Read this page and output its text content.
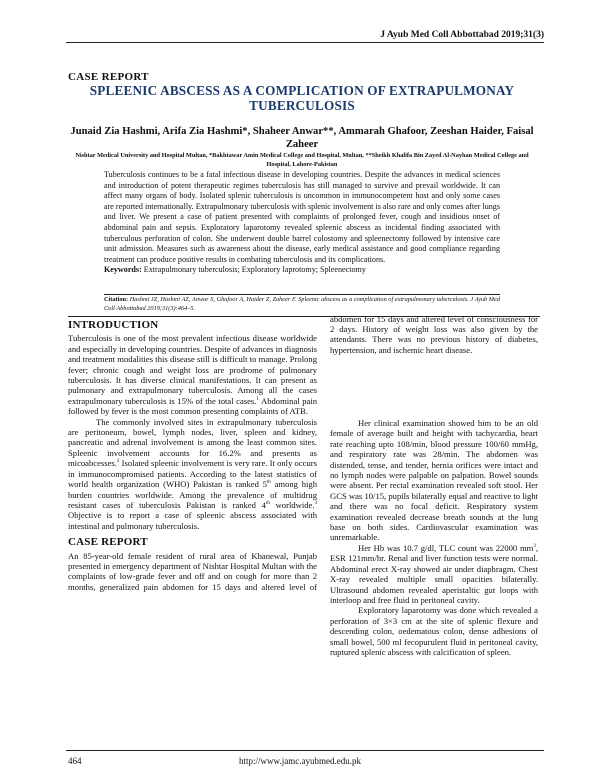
J Ayub Med Coll Abbottabad 2019;31(3)
CASE REPORT
SPLEENIC ABSCESS AS A COMPLICATION OF EXTRAPULMONAY TUBERCULOSIS
Junaid Zia Hashmi, Arifa Zia Hashmi*, Shaheer Anwar**, Ammarah Ghafoor, Zeeshan Haider, Faisal Zaheer
Nishtar Medical University and Hospital Multan, *Bakhtawar Amin Medical College and Hospital, Multan, **Sheikh Khalifa Bin Zayed Al-Nayhan Medical College and Hospital, Lahore-Pakistan

Tuberculosis continues to be a fatal infectious disease in developing countries. Despite the advances in medical sciences and introduction of potent therapeutic regimes tuberculosis has still managed to survive and prevail worldwide. It can affect many organs of body. Isolated splenic tuberculosis is uncommon in immunocompetent host and only some cases are reported internationally. Extrapulmonary tuberculosis with splenic involvement is also rare and only comes after lungs and liver. We present a case of patient presented with complaints of prolonged fever, cough and insidious onset of abdominal pain and sepsis. Exploratory laparotomy revealed spleenic abscess as incidental finding associated with tuberculous perforation of colon. She underwent double barrel colostomy and spleenectomy followed by intensive care unit admission. Measures such as awareness about the disease, early medical assistance and good compliance regarding treatment can produce positive results in combating tuberculosis and its complications.

Keywords: Extrapulmonary tuberculosis; Exploratory laprotomy; Spleenectomy

Citation: Hashmi JZ, Hashmi AZ, Anwar S, Ghafoor A, Haider Z, Zaheer F. Spleenic abscess as a complication of extrapulmonary tuberculosis. J Ayub Med Coll Abbottabad 2019;31(3):464–5.
INTRODUCTION

Tuberculosis is one of the most prevalent infectious disease worldwide and especially in developing countries. Despite of advances in diagnosis and treatment modalities this disease still is difficult to manage. Prolong fever; chronic cough and weight loss are prodrome of pulmonary tuberculosis. It has diverse clinical manifestations. It can present as pulmonary and extrapulmonary tuberculosis. Among all the cases extrapulmonary tuberculosis is 15% of the total cases.$^1$ Abdominal pain followed by fever is the most common presenting complaints of ATB.

The commonly involved sites in extrapulmonary tuberculosis are peritoneum, bowel, lymph nodes, liver, spleen and kidney, pancreatic and adrenal involvement is among the least common sites. Spleenic involvement accounts for 16.2% and presents as micoabcesses.$^2$ Isolated spleenic involvement is very rare. It only occurs in immunocompromised patients. According to the latest statistics of world health organization (WHO) Pakistan is ranked 5th among high burden countries worldwide. Among the prevalence of multidrug resistant cases of tuberculosis Pakistan is ranked 4th worldwide.$^3$ Objective is to report a case of spleenic abscess associated with intestinal and pulmonary tuberculosis.

CASE REPORT

An 85-year-old female resident of rural area of Khanewal, Punjab presented in emergency department of Nishtar Hospital Multan with the complaints of low-grade fever and off and on cough for more than 2 months, generalized pain abdomen for 15 days and altered level of

abdomen for 15 days and altered level of consciousness for 2 days. History of weight loss was also given by the attendants. There was no previous history of diabetes, hypertension, and ischemic heart disease.

Her clinical examination showed him to be an old female of average built and height with tachycardia, heart rate reaching upto 108/min, blood pressure 100/60 mmHg, and respiratory rate was 28/min. The abdomen was distended, tense, and tender, hernia orifices were intact and no lymph nodes were palpable on palpation. Bowel sounds were absent. Per rectal examination revealed soft stool. Her GCS was 10/15, pupils bilaterally equal and reactive to light and there was no focal deficit. Respiratory system examination revealed decrease breath sounds at the lung base on both sides. Cardiovascular examination was unremarkable.

Her Hb was 10.7 g/dl, TLC count was 22000 $mm^3$, ESR 121mm/hr. Renal and liver function tests were normal. Abdominal erect X-ray showed air under diaphragm. Chest X-ray revealed multiple small opacities bilaterally. Ultrasound abdomen revealed aperistaltic gut loops with interloop and free fluid in peritoneal cavity.

Exploratory laparotomy was done which revealed a perforation of 3×3 cm at the site of splenic flexure and descending colon, oedematous colon, dense adhesions of small bowel, 500 ml fecopurulent fluid in peritoneal cavity, ruptured splenic abscess with calcification of spleen.

464	http://www.jamc.ayubmed.edu.pk
